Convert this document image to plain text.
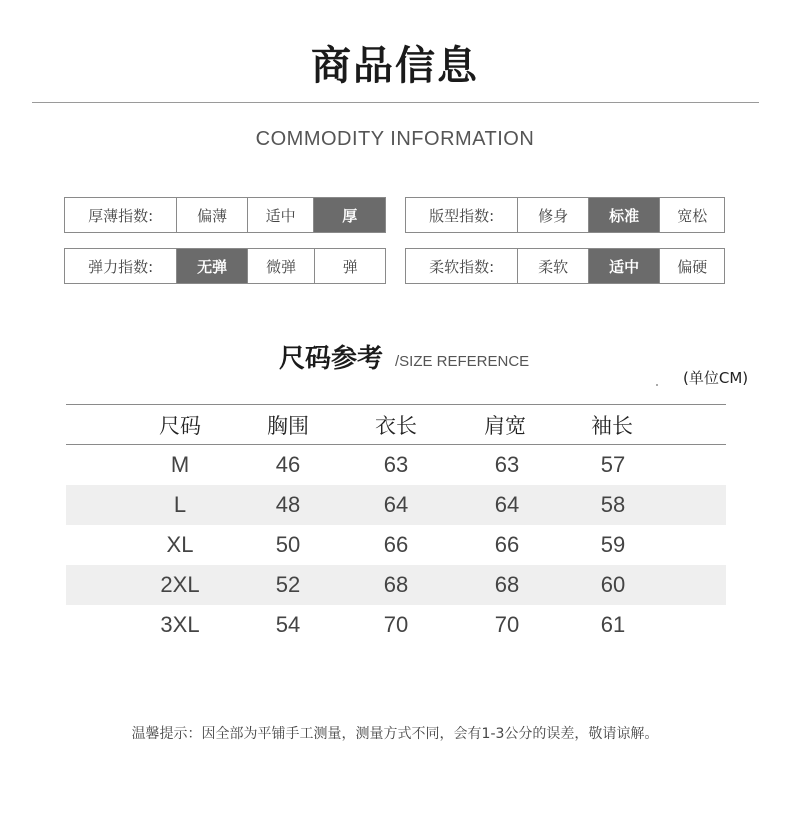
商品信息
COMMODITY INFORMATION
厚薄指数:	偏薄	适中	厚	版型指数:	修身	标准	宽松
弹力指数:	无弹	微弹	弹	柔软指数:	柔软	适中	偏硬
尺码参考 /SIZE REFERENCE
(单位CM)
尺码	胸围	衣长	肩宽	袖长
M	46	63	63	57
L	48	64	64	58
XL	50	66	66	59
2XL	52	68	68	60
3XL	54	70	70	61
温馨提示：因全部为平铺手工测量，测量方式不同，会有1-3公分的误差，敬请谅解。
